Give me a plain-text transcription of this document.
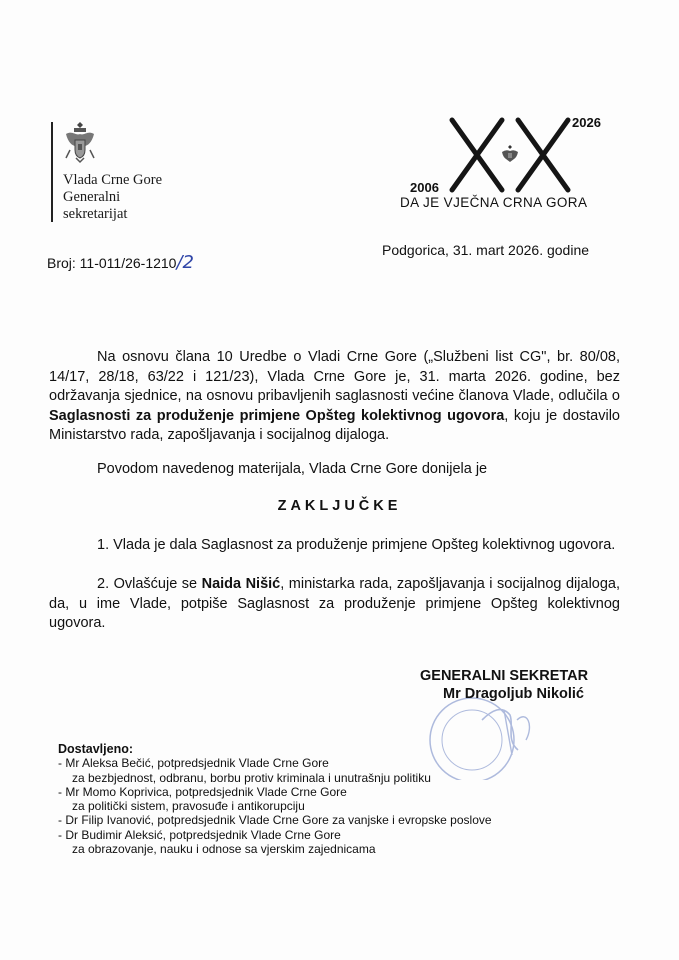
Vlada Crne Gore
Generalni
sekretarijat
2026
2006
DA JE VJEČNA CRNA GORA
Broj: 11-011/26-1210/2
Podgorica, 31. mart 2026. godine
Na osnovu člana 10 Uredbe o Vladi Crne Gore („Službeni list CG", br. 80/08, 14/17, 28/18, 63/22 i 121/23), Vlada Crne Gore je, 31. marta 2026. godine, bez održavanja sjednice, na osnovu pribavljenih saglasnosti većine članova Vlade, odlučila o Saglasnosti za produženje primjene Opšteg kolektivnog ugovora, koju je dostavilo Ministarstvo rada, zapošljavanja i socijalnog dijaloga.
Povodom navedenog materijala, Vlada Crne Gore donijela je
ZAKLJUČKE
1. Vlada je dala Saglasnost za produženje primjene Opšteg kolektivnog ugovora.
2. Ovlašćuje se Naida Nišić, ministarka rada, zapošljavanja i socijalnog dijaloga, da, u ime Vlade, potpiše Saglasnost za produženje primjene Opšteg kolektivnog ugovora.
GENERALNI SEKRETAR
Mr Dragoljub Nikolić
Dostavljeno:
- Mr Aleksa Bečić, potpredsjednik Vlade Crne Gore
za bezbjednost, odbranu, borbu protiv kriminala i unutrašnju politiku
- Mr Momo Koprivica, potpredsjednik Vlade Crne Gore
za politički sistem, pravosuđe i antikorupciju
- Dr Filip Ivanović, potpredsjednik Vlade Crne Gore za vanjske i evropske poslove
- Dr Budimir Aleksić, potpredsjednik Vlade Crne Gore
za obrazovanje, nauku i odnose sa vjerskim zajednicama
